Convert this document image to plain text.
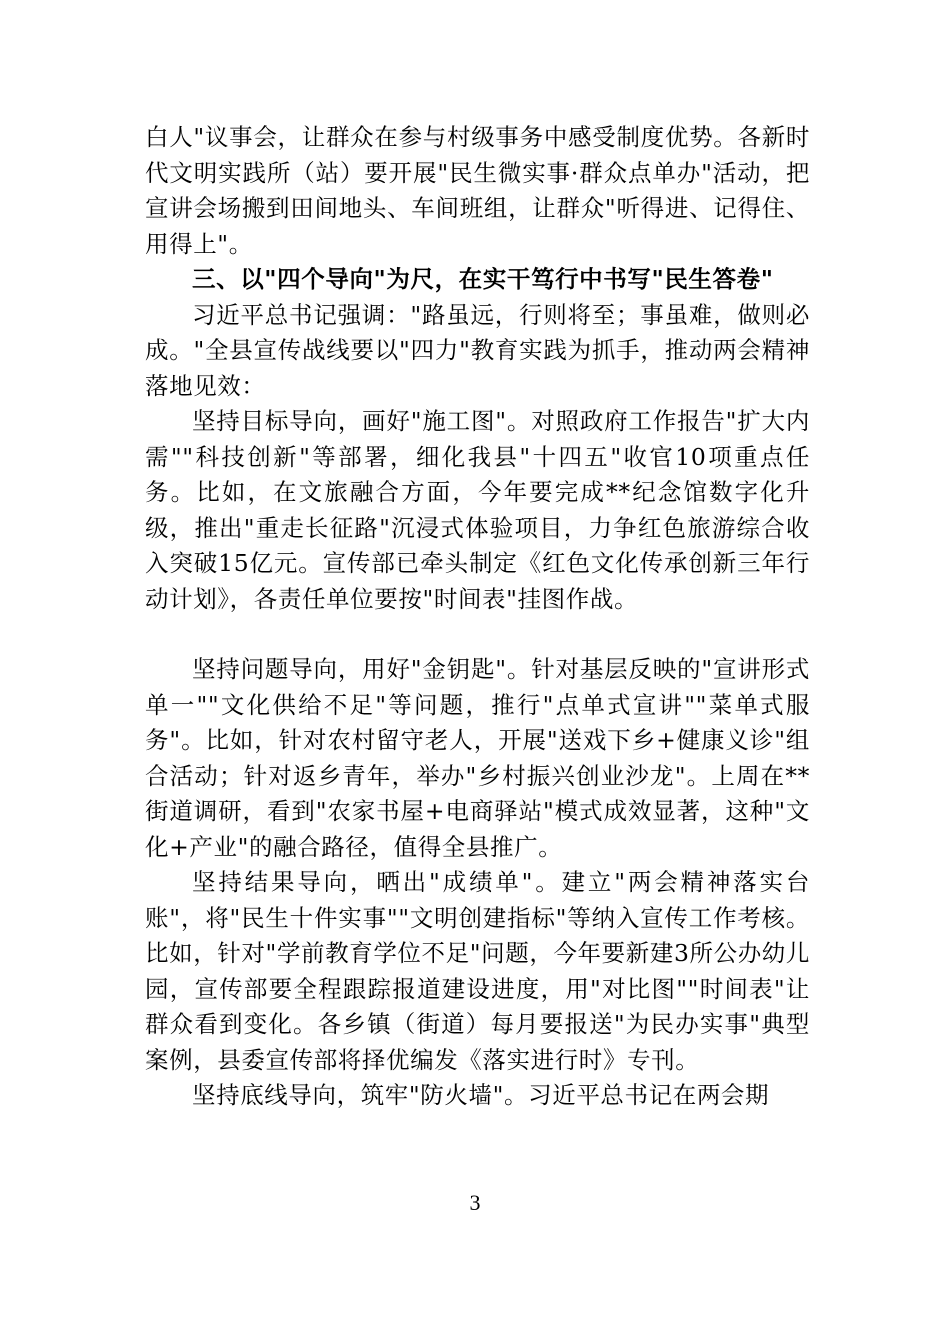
白人"议事会，让群众在参与村级事务中感受制度优势。各新时代文明实践所（站）要开展"民生微实事·群众点单办"活动，把宣讲会场搬到田间地头、车间班组，让群众"听得进、记得住、用得上"。

三、以"四个导向"为尺，在实干笃行中书写"民生答卷"

习近平总书记强调："路虽远，行则将至；事虽难，做则必成。"全县宣传战线要以"四力"教育实践为抓手，推动两会精神落地见效：

坚持目标导向，画好"施工图"。对照政府工作报告"扩大内需""科技创新"等部署，细化我县"十四五"收官10项重点任务。比如，在文旅融合方面，今年要完成**纪念馆数字化升级，推出"重走长征路"沉浸式体验项目，力争红色旅游综合收入突破15亿元。宣传部已牵头制定《红色文化传承创新三年行动计划》，各责任单位要按"时间表"挂图作战。

坚持问题导向，用好"金钥匙"。针对基层反映的"宣讲形式单一""文化供给不足"等问题，推行"点单式宣讲""菜单式服务"。比如，针对农村留守老人，开展"送戏下乡+健康义诊"组合活动；针对返乡青年，举办"乡村振兴创业沙龙"。上周在**街道调研，看到"农家书屋+电商驿站"模式成效显著，这种"文化+产业"的融合路径，值得全县推广。

坚持结果导向，晒出"成绩单"。建立"两会精神落实台账"，将"民生十件实事""文明创建指标"等纳入宣传工作考核。比如，针对"学前教育学位不足"问题，今年要新建3所公办幼儿园，宣传部要全程跟踪报道建设进度，用"对比图""时间表"让群众看到变化。各乡镇（街道）每月要报送"为民办实事"典型案例，县委宣传部将择优编发《落实进行时》专刊。

坚持底线导向，筑牢"防火墙"。习近平总书记在两会期

3
